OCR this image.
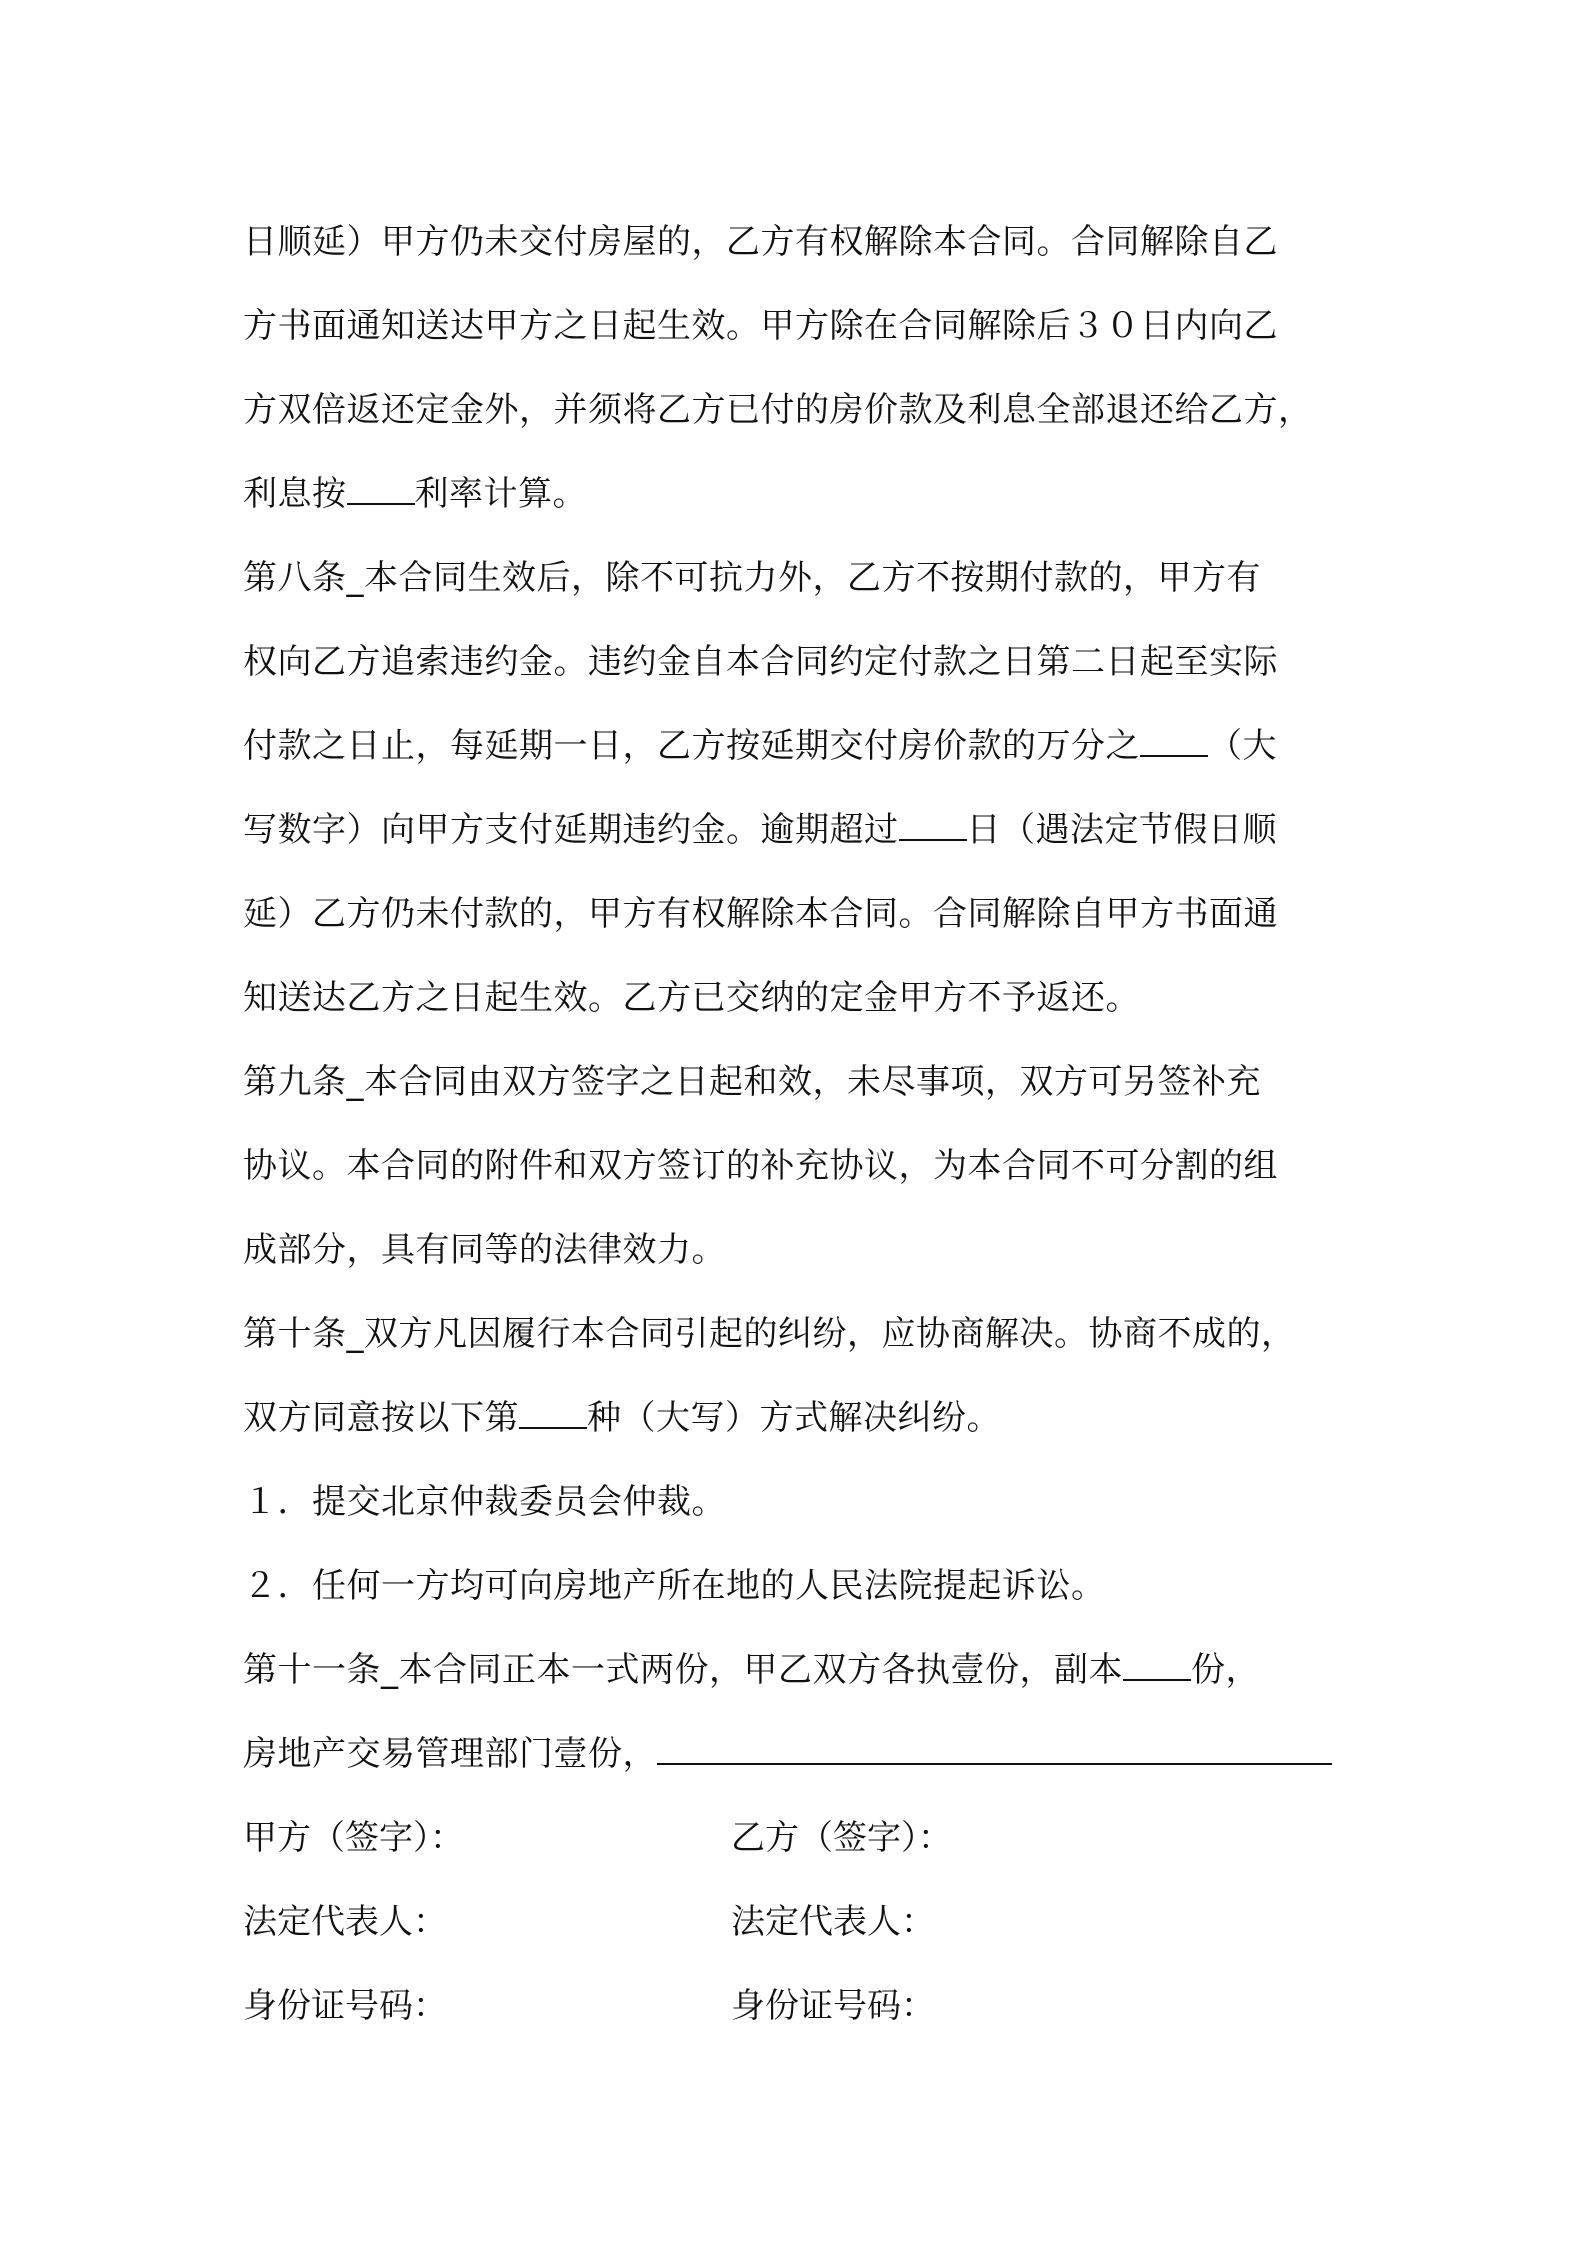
日顺延）甲方仍未交付房屋的，乙方有权解除本合同。合同解除自乙
方书面通知送达甲方之日起生效。甲方除在合同解除后３０日内向乙
方双倍返还定金外，并须将乙方已付的房价款及利息全部退还给乙方，
利息按 利率计算。
第八条_本合同生效后，除不可抗力外，乙方不按期付款的，甲方有
权向乙方追索违约金。违约金自本合同约定付款之日第二日起至实际
付款之日止，每延期一日，乙方按延期交付房价款的万分之 （大
写数字）向甲方支付延期违约金。逾期超过 日（遇法定节假日顺
延）乙方仍未付款的，甲方有权解除本合同。合同解除自甲方书面通
知送达乙方之日起生效。乙方已交纳的定金甲方不予返还。
第九条_本合同由双方签字之日起和效，未尽事项，双方可另签补充
协议。本合同的附件和双方签订的补充协议，为本合同不可分割的组
成部分，具有同等的法律效力。
第十条_双方凡因履行本合同引起的纠纷，应协商解决。协商不成的，
双方同意按以下第 种（大写）方式解决纠纷。
１．提交北京仲裁委员会仲裁。
２．任何一方均可向房地产所在地的人民法院提起诉讼。
第十一条_本合同正本一式两份，甲乙双方各执壹份，副本 份，
房地产交易管理部门壹份，
甲方（签字）：	乙方（签字）：
法定代表人：	法定代表人：
身份证号码：	身份证号码：
